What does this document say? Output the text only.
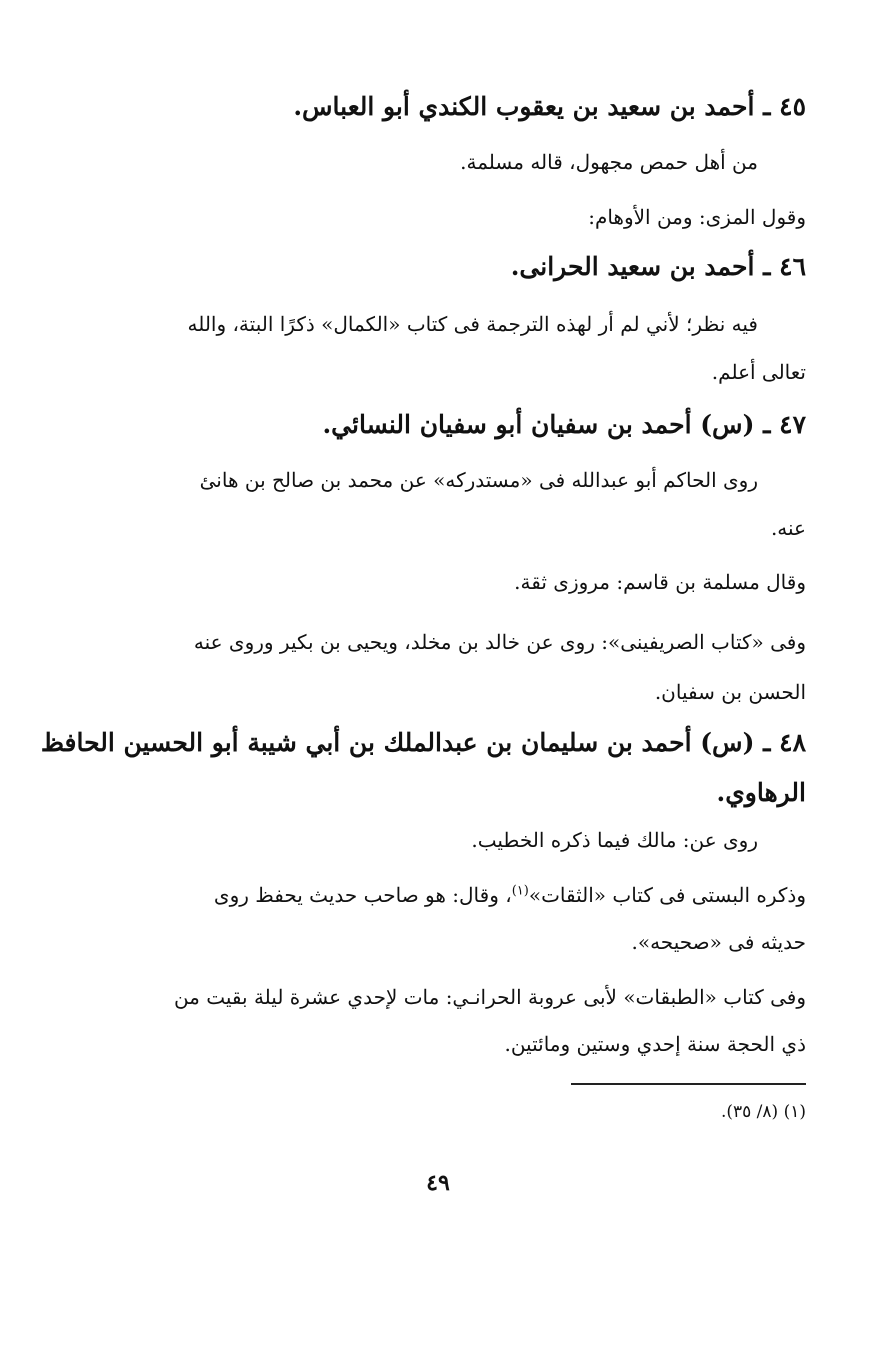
٤٥ ـ أحمد بن سعيد بن يعقوب الكندي أبو العباس.
من أهل حمص مجهول، قاله مسلمة.
وقول المزى: ومن الأوهام:
٤٦ ـ أحمد بن سعيد الحرانى.
فيه نظر؛ لأني لم أر لهذه الترجمة فى كتاب «الكمال» ذكرًا البتة، والله
تعالى أعلم.
٤٧ ـ (س) أحمد بن سفيان أبو سفيان النسائي.
روى الحاكم أبو عبدالله فى «مستدركه» عن محمد بن صالح بن هانئ
عنه.
وقال مسلمة بن قاسم: مروزى ثقة.
وفى «كتاب الصريفينى»: روى عن خالد بن مخلد، ويحيى بن بكير وروى عنه
الحسن بن سفيان.
٤٨ ـ (س) أحمد بن سليمان بن عبدالملك بن أبي شيبة أبو الحسين الحافظ
الرهاوي.
روى عن: مالك فيما ذكره الخطيب.
وذكره البستى فى كتاب «الثقات»$^{(١)}$، وقال: هو صاحب حديث يحفظ روى
حديثه فى «صحيحه».
وفى كتاب «الطبقات» لأبى عروبة الحرانـي: مات لإحدي عشرة ليلة بقيت من
ذي الحجة سنة إحدي وستين ومائتين.
(١) (٨/ ٣٥).
٤٩
